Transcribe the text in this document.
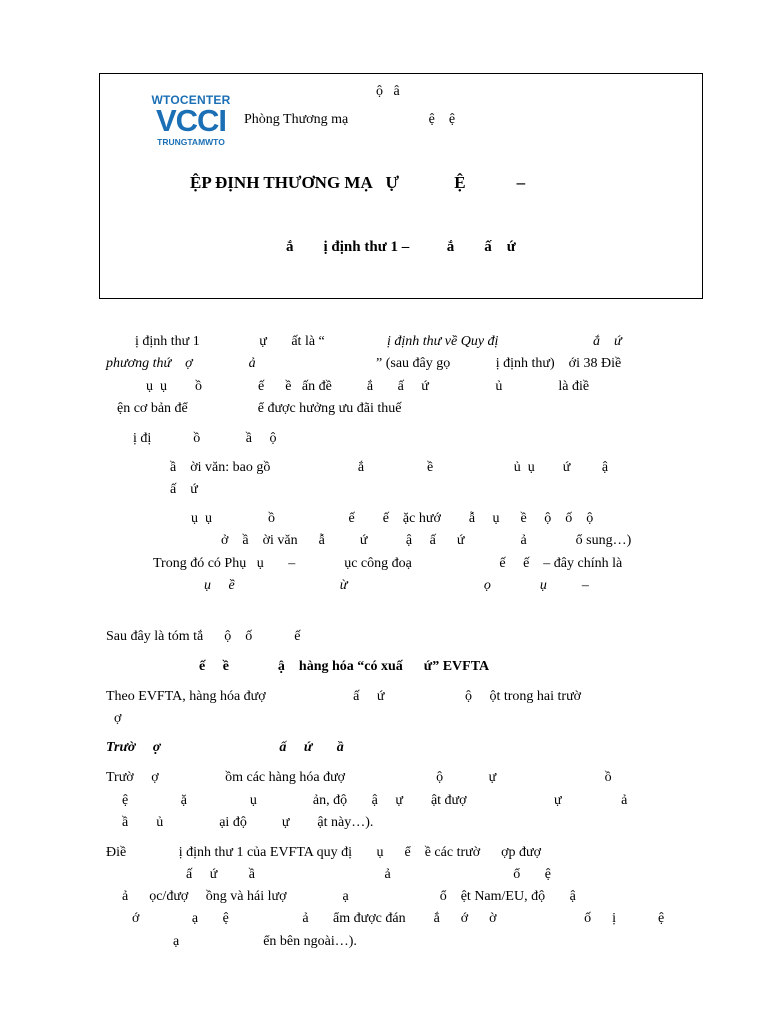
WTOCENTER
VCCI
TRUNGTAMWTO
ộ   â
Phòng Thương mạ                       ệ    ệ
ỆP ĐỊNH THƯƠNG MẠ   Ự             Ệ            –
ắ        ị định thư 1 –          ắ        ấ    ứ
ị định thư 1                 ự       ất là “	ị định thư về Quy đị                           ắ    ứ
phương thứ    ợ                ả	” (sau đây gọ             ị định thư)    ới 38 Điề
ụ  ụ        ồ                ế      ề   ấn đề          ắ       ấ     ứ                   ủ                là điề
ện cơ bản để                    ể được hưởng ưu đãi thuế
ị đị            ồ             ầ     ộ
ầ    ời văn: bao gồ                         ắ                  ề                       ủ  ụ        ứ         ậ
ấ    ứ
ụ  ụ                ồ                     ế        ế    ặc hướ        ẫ     ụ      ề     ộ    ố    ộ
ở    ầ    ời văn      ẫ          ứ           ậ     ấ      ứ                ả              ổ sung…)
Trong đó có Phụ   ụ       –              ục công đoạ                         ế     ế    – đây chính là
ụ     ề                              ừ                                       ọ              ụ          –
Sau đây là tóm tắ      ộ    ố            ế
ế     ề              ậ    hàng hóa “có xuấ      ứ” EVFTA
Theo EVFTA, hàng hóa đượ                         ấ     ứ                       ộ     ột trong hai trườ
ợ
Trườ     ợ                                  ấ     ứ       ầ
Trườ     ợ                   ồm các hàng hóa đượ                          ộ             ự                               ồ
ệ               ặ                  ụ                ản, độ       ậ     ự        ật đượ                         ự                 ả
ầ        ủ                ại độ          ự        ật này…).
Điề               ị định thư 1 của EVFTA quy đị       ụ      ể    ề các trườ      ợp đượ
ấ     ứ         ầ                                     ả                                   ổ       ệ
ả      ọc/đượ     ồng và hái lượ                ạ                          ổ    ệt Nam/EU, độ       ậ
ớ               ạ       ệ                     ả       ẩm được đán        ắ      ớ      ờ                         ố      ị            ệ
ạ                        ển bên ngoài…).
